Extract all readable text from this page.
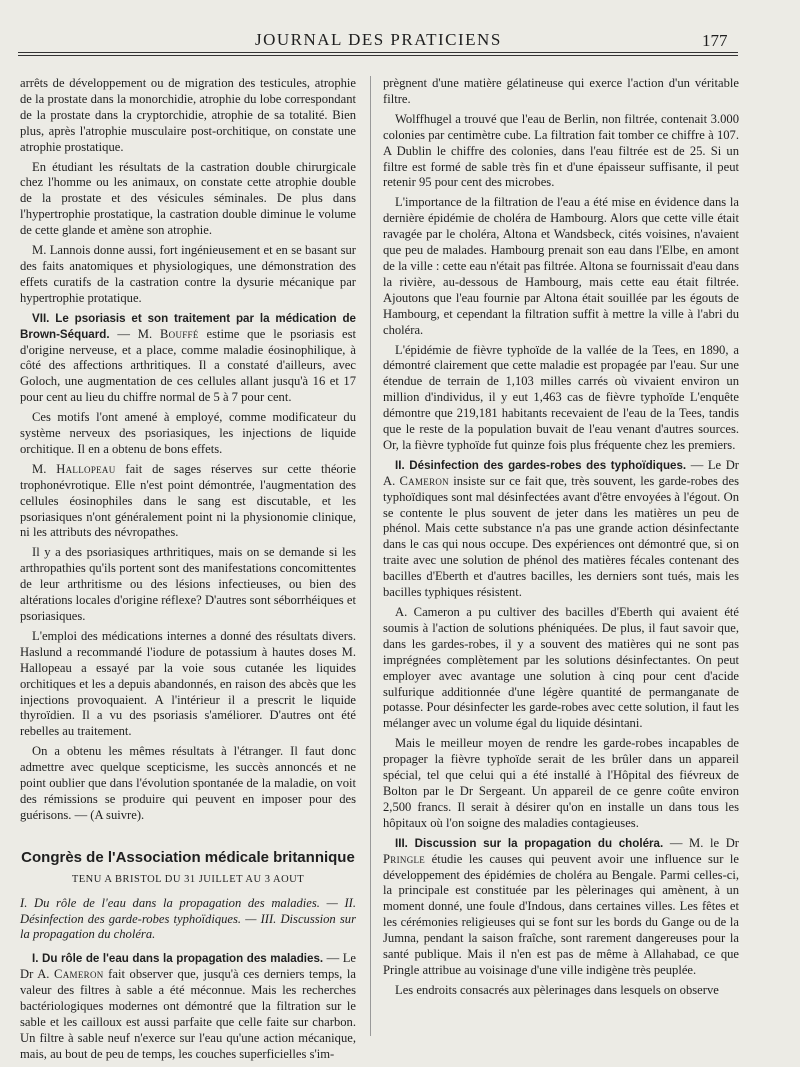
JOURNAL DES PRATICIENS	177

arrêts de développement ou de migration des testicules, atrophie de la prostate dans la monorchidie, atrophie du lobe correspondant de la prostate dans la cryptorchidie, atrophie de sa totalité. Bien plus, après l'atrophie musculaire post-orchitique, on constate une atrophie prostatique.

En étudiant les résultats de la castration double chirurgicale chez l'homme ou les animaux, on constate cette atrophie double de la prostate et des vésicules séminales. De plus dans l'hypertrophie prostatique, la castration double diminue le volume de cette glande et amène son atrophie.

M. Lannois donne aussi, fort ingénieusement et en se basant sur des faits anatomiques et physiologiques, une démonstration des effets curatifs de la castration contre la dysurie mécanique par hypertrophie protatique.

VII. Le psoriasis et son traitement par la médication de Brown-Séquard. — M. Bouffé estime que le psoriasis est d'origine nerveuse, et a place, comme maladie éosinophilique, à côté des affections arthritiques. Il a constaté d'ailleurs, avec Goloch, une augmentation de ces cellules allant jusqu'à 16 et 17 pour cent au lieu du chiffre normal de 5 à 7 pour cent.

Ces motifs l'ont amené à employé, comme modificateur du système nerveux des psoriasiques, les injections de liquide orchitique. Il en a obtenu de bons effets.

M. Hallopeau fait de sages réserves sur cette théorie trophonévrotique. Elle n'est point démontrée, l'augmentation des cellules éosinophiles dans le sang est discutable, et les psoriasiques n'ont généralement point ni la physionomie clinique, ni les attributs des névropathes.

Il y a des psoriasiques arthritiques, mais on se demande si les arthropathies qu'ils portent sont des manifestations concomittentes de leur arthritisme ou des lésions infectieuses, ou bien des altérations locales d'origine réflexe? D'autres sont séborrhéiques et psoriasiques.

L'emploi des médications internes a donné des résultats divers. Haslund a recommandé l'iodure de potassium à hautes doses M. Hallopeau a essayé par la voie sous cutanée les liquides orchitiques et les a depuis abandonnés, en raison des abcès que les injections provoquaient. A l'intérieur il a prescrit le liquide thyroïdien. Il a vu des psoriasis s'améliorer. D'autres ont été rebelles au traitement.

On a obtenu les mêmes résultats à l'étranger. Il faut donc admettre avec quelque scepticisme, les succès annoncés et ne point oublier que dans l'évolution spontanée de la maladie, on voit des rémissions se produire qui peuvent en imposer pour des guérisons. — (A suivre).

Congrès de l'Association médicale britannique
TENU A BRISTOL DU 31 JUILLET AU 3 AOUT

I. Du rôle de l'eau dans la propagation des maladies. — II. Désinfection des garde-robes typhoïdiques. — III. Discussion sur la propagation du choléra.

I. Du rôle de l'eau dans la propagation des maladies. — Le Dr A. Cameron fait observer que, jusqu'à ces derniers temps, la valeur des filtres à sable a été méconnue. Mais les recherches bactériologiques modernes ont démontré que la filtration sur le sable et les cailloux est aussi parfaite que celle faite sur charbon. Un filtre à sable neuf n'exerce sur l'eau qu'une action mécanique, mais, au bout de peu de temps, les couches superficielles s'im-

prègnent d'une matière gélatineuse qui exerce l'action d'un véritable filtre.

Wolffhugel a trouvé que l'eau de Berlin, non filtrée, contenait 3.000 colonies par centimètre cube. La filtration fait tomber ce chiffre à 107. A Dublin le chiffre des colonies, dans l'eau filtrée est de 25. Si un filtre est formé de sable très fin et d'une épaisseur suffisante, il peut retenir 95 pour cent des microbes.

L'importance de la filtration de l'eau a été mise en évidence dans la dernière épidémie de choléra de Hambourg. Alors que cette ville était ravagée par le choléra, Altona et Wandsbeck, cités voisines, n'avaient que peu de malades. Hambourg prenait son eau dans l'Elbe, en amont de la ville : cette eau n'était pas filtrée. Altona se fournissait d'eau dans la rivière, au-dessous de Hambourg, mais cette eau était filtrée. Ajoutons que l'eau fournie par Altona était souillée par les égouts de Hambourg, et cependant la filtration suffit à mettre la ville à l'abri du choléra.

L'épidémie de fièvre typhoïde de la vallée de la Tees, en 1890, a démontré clairement que cette maladie est propagée par l'eau. Sur une étendue de terrain de 1,103 milles carrés où vivaient environ un million d'individus, il y eut 1,463 cas de fièvre typhoïde L'enquête démontre que 219,181 habitants recevaient de l'eau de la Tees, tandis que le reste de la population buvait de l'eau venant d'autres sources. Or, la fièvre typhoïde fut quinze fois plus fréquente chez les premiers.

II. Désinfection des gardes-robes des typhoïdiques. — Le Dr A. Cameron insiste sur ce fait que, très souvent, les garde-robes des typhoïdiques sont mal désinfectées avant d'être envoyées à l'égout. On se contente le plus souvent de jeter dans les matières un peu de phénol. Mais cette substance n'a pas une grande action désinfectante dans le cas qui nous occupe. Des expériences ont démontré que, si on traite avec une solution de phénol des matières fécales contenant des bacilles d'Eberth et d'autres bacilles, les derniers sont tués, mais les bacilles typhiques résistent.

A. Cameron a pu cultiver des bacilles d'Eberth qui avaient été soumis à l'action de solutions phéniquées. De plus, il faut savoir que, dans les gardes-robes, il y a souvent des matières qui ne sont pas imprégnées complètement par les solutions désinfectantes. On peut employer avec avantage une solution à cinq pour cent d'acide sulfurique additionnée d'une légère quantité de permanganate de potasse. Pour désinfecter les garde-robes avec cette solution, il faut les mélanger avec un volume égal du liquide désintani.

Mais le meilleur moyen de rendre les garde-robes incapables de propager la fièvre typhoïde serait de les brûler dans un appareil spécial, tel que celui qui a été installé à l'Hôpital des fiévreux de Bolton par le Dr Sergeant. Un appareil de ce genre coûte environ 2,500 francs. Il serait à désirer qu'on en installe un dans tous les hôpitaux où l'on soigne des maladies contagieuses.

III. Discussion sur la propagation du choléra. — M. le Dr Pringle étudie les causes qui peuvent avoir une influence sur le développement des épidémies de choléra au Bengale. Parmi celles-ci, la principale est constituée par les pèlerinages qui amènent, à un moment donné, une foule d'Indous, dans certaines villes. Les fêtes et les cérémonies religieuses qui se font sur les bords du Gange ou de la Jumna, pendant la saison fraîche, sont rarement dangereuses pour la santé publique. Mais il n'en est pas de même à Allahabad, ce que Pringle attribue au voisinage d'une ville indigène très peuplée.

Les endroits consacrés aux pèlerinages dans lesquels on observe
